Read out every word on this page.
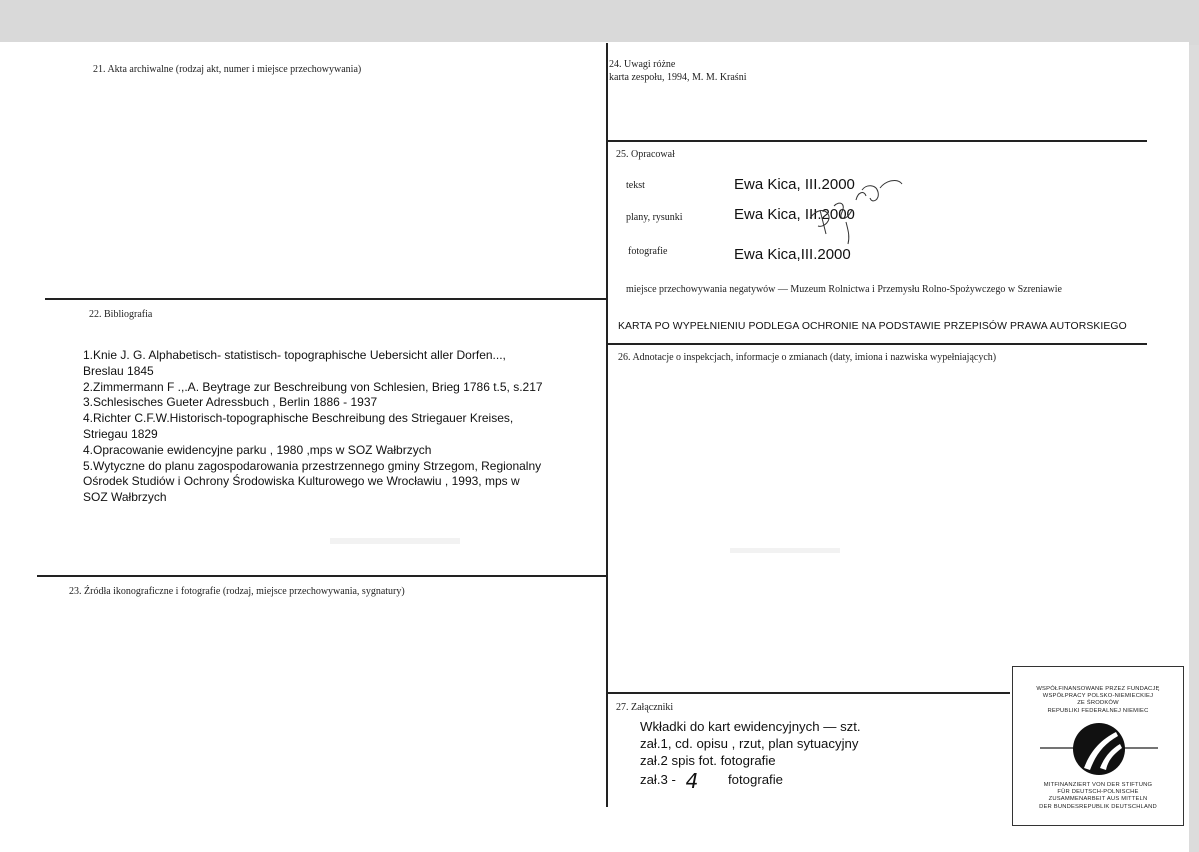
21. Akta archiwalne (rodzaj akt, numer i miejsce przechowywania)
22. Bibliografia
1.Knie J. G. Alphabetisch- statistisch- topographische Uebersicht aller Dorfen...,
Breslau 1845
2.Zimmermann F .,.A. Beytrage zur Beschreibung von Schlesien, Brieg 1786 t.5, s.217
3.Schlesisches Gueter Adressbuch , Berlin 1886 - 1937
4.Richter C.F.W.Historisch-topographische Beschreibung des Striegauer Kreises,
Striegau 1829
4.Opracowanie ewidencyjne parku , 1980 ,mps w SOZ Wałbrzych
5.Wytyczne do planu zagospodarowania przestrzennego gminy Strzegom, Regionalny
Ośrodek Studiów i Ochrony Środowiska Kulturowego we Wrocławiu , 1993, mps w
SOZ Wałbrzych
23. Źródła ikonograficzne i fotografie (rodzaj, miejsce przechowywania, sygnatury)
24. Uwagi różne
karta zespołu, 1994, M. M. Kraśni
25. Opracował
tekst	Ewa Kica, III.2000
plany, rysunki	Ewa Kica, III.2000
fotografie	Ewa Kica,III.2000
miejsce przechowywania negatywów — Muzeum Rolnictwa i Przemysłu Rolno-Spożywczego w Szreniawie
KARTA PO WYPEŁNIENIU PODLEGA OCHRONIE NA PODSTAWIE PRZEPISÓW PRAWA AUTORSKIEGO
26. Adnotacje o inspekcjach, informacje o zmianach (daty, imiona i nazwiska wypełniających)
27. Załączniki
Wkładki do kart ewidencyjnych — szt.
zał.1, cd. opisu , rzut, plan sytuacyjny
zał.2 spis fot. fotografie
zał.3 - 4 fotografie
WSPÓŁFINANSOWANE PRZEZ FUNDACJĘ
WSPÓŁPRACY POLSKO-NIEMIECKIEJ
ZE ŚRODKÓW
REPUBLIKI FEDERALNEJ NIEMIEC
MITFINANZIERT VON DER STIFTUNG
FÜR DEUTSCH-POLNISCHE
ZUSAMMENARBEIT AUS MITTELN
DER BUNDESREPUBLIK DEUTSCHLAND
